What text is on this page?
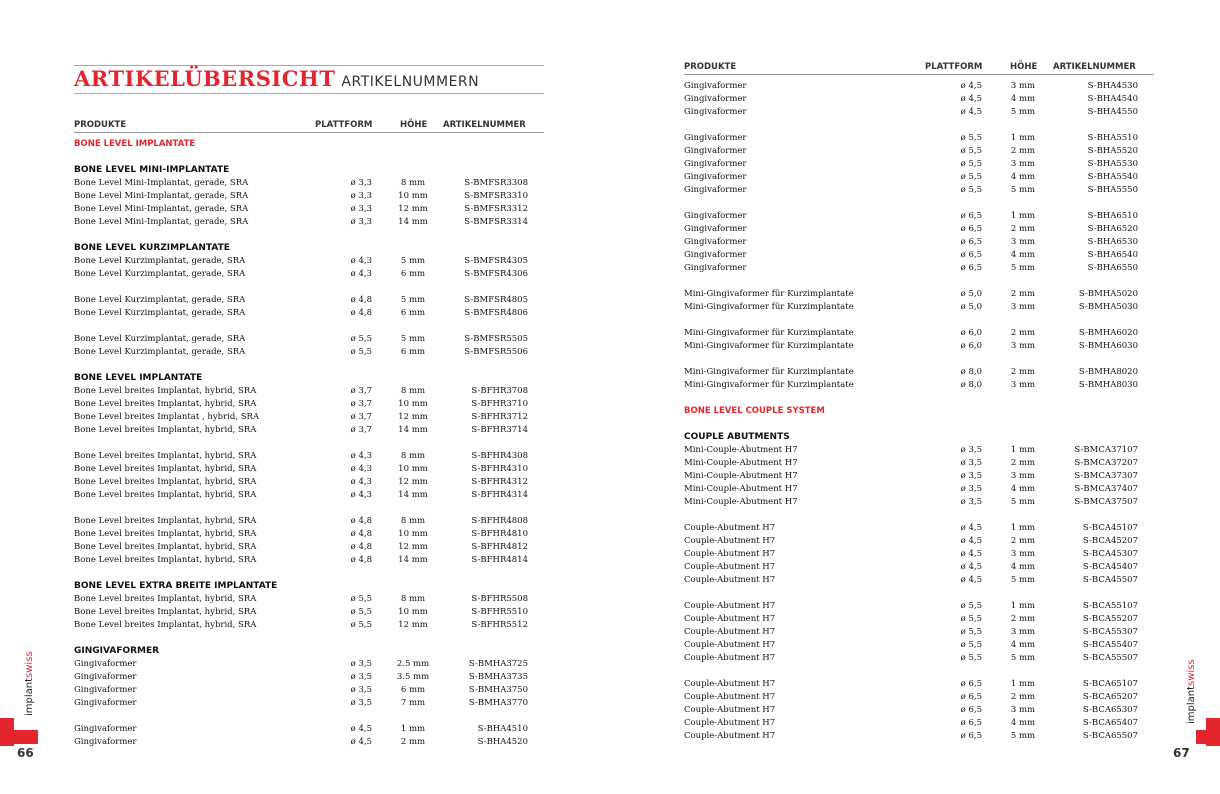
ARTIKELÜBERSICHT ARTIKELNUMMERN
PRODUKTE	PLATTFORM	HÖHE ARTIKELNUMMER
BONE LEVEL IMPLANTATE
BONE LEVEL MINI-IMPLANTATE
Bone Level Mini-Implantat, gerade, SRA	ø 3,3	8 mm	S-BMFSR3308
Bone Level Mini-Implantat, gerade, SRA	ø 3,3	10 mm	S-BMFSR3310
Bone Level Mini-Implantat, gerade, SRA	ø 3,3	12 mm	S-BMFSR3312
Bone Level Mini-Implantat, gerade, SRA	ø 3,3	14 mm	S-BMFSR3314
BONE LEVEL KURZIMPLANTATE
Bone Level Kurzimplantat, gerade, SRA	ø 4,3	5 mm	S-BMFSR4305
Bone Level Kurzimplantat, gerade, SRA	ø 4,3	6 mm	S-BMFSR4306
Bone Level Kurzimplantat, gerade, SRA	ø 4,8	5 mm	S-BMFSR4805
Bone Level Kurzimplantat, gerade, SRA	ø 4,8	6 mm	S-BMFSR4806
Bone Level Kurzimplantat, gerade, SRA	ø 5,5	5 mm	S-BMFSR5505
Bone Level Kurzimplantat, gerade, SRA	ø 5,5	6 mm	S-BMFSR5506
BONE LEVEL IMPLANTATE
Bone Level breites Implantat, hybrid, SRA	ø 3,7	8 mm	S-BFHR3708
Bone Level breites Implantat, hybrid, SRA	ø 3,7	10 mm	S-BFHR3710
Bone Level breites Implantat , hybrid, SRA	ø 3,7	12 mm	S-BFHR3712
Bone Level breites Implantat, hybrid, SRA	ø 3,7	14 mm	S-BFHR3714
Bone Level breites Implantat, hybrid, SRA	ø 4,3	8 mm	S-BFHR4308
Bone Level breites Implantat, hybrid, SRA	ø 4,3	10 mm	S-BFHR4310
Bone Level breites Implantat, hybrid, SRA	ø 4,3	12 mm	S-BFHR4312
Bone Level breites Implantat, hybrid, SRA	ø 4,3	14 mm	S-BFHR4314
Bone Level breites Implantat, hybrid, SRA	ø 4,8	8 mm	S-BFHR4808
Bone Level breites Implantat, hybrid, SRA	ø 4,8	10 mm	S-BFHR4810
Bone Level breites Implantat, hybrid, SRA	ø 4,8	12 mm	S-BFHR4812
Bone Level breites Implantat, hybrid, SRA	ø 4,8	14 mm	S-BFHR4814
BONE LEVEL EXTRA BREITE IMPLANTATE
Bone Level breites Implantat, hybrid, SRA	ø 5,5	8 mm	S-BFHR5508
Bone Level breites Implantat, hybrid, SRA	ø 5,5	10 mm	S-BFHR5510
Bone Level breites Implantat, hybrid, SRA	ø 5,5	12 mm	S-BFHR5512
GINGIVAFORMER
Gingivaformer	ø 3,5	2.5 mm	S-BMHA3725
Gingivaformer	ø 3,5	3.5 mm	S-BMHA3735
Gingivaformer	ø 3,5	6 mm	S-BMHA3750
Gingivaformer	ø 3,5	7 mm	S-BMHA3770
Gingivaformer	ø 4,5	1 mm	S-BHA4510
Gingivaformer	ø 4,5	2 mm	S-BHA4520
implantswiss
66
PRODUKTE	PLATTFORM	HÖHE ARTIKELNUMMER
Gingivaformer	ø 4,5	3 mm	S-BHA4530
Gingivaformer	ø 4,5	4 mm	S-BHA4540
Gingivaformer	ø 4,5	5 mm	S-BHA4550
Gingivaformer	ø 5,5	1 mm	S-BHA5510
Gingivaformer	ø 5,5	2 mm	S-BHA5520
Gingivaformer	ø 5,5	3 mm	S-BHA5530
Gingivaformer	ø 5,5	4 mm	S-BHA5540
Gingivaformer	ø 5,5	5 mm	S-BHA5550
Gingivaformer	ø 6,5	1 mm	S-BHA6510
Gingivaformer	ø 6,5	2 mm	S-BHA6520
Gingivaformer	ø 6,5	3 mm	S-BHA6530
Gingivaformer	ø 6,5	4 mm	S-BHA6540
Gingivaformer	ø 6,5	5 mm	S-BHA6550
Mini-Gingivaformer für Kurzimplantate	ø 5,0	2 mm	S-BMHA5020
Mini-Gingivaformer für Kurzimplantate	ø 5,0	3 mm	S-BMHA5030
Mini-Gingivaformer für Kurzimplantate	ø 6,0	2 mm	S-BMHA6020
Mini-Gingivaformer für Kurzimplantate	ø 6,0	3 mm	S-BMHA6030
Mini-Gingivaformer für Kurzimplantate	ø 8,0	2 mm	S-BMHA8020
Mini-Gingivaformer für Kurzimplantate	ø 8,0	3 mm	S-BMHA8030
BONE LEVEL COUPLE SYSTEM
COUPLE ABUTMENTS
Mini-Couple-Abutment H7	ø 3,5	1 mm	S-BMCA37107
Mini-Couple-Abutment H7	ø 3,5	2 mm	S-BMCA37207
Mini-Couple-Abutment H7	ø 3,5	3 mm	S-BMCA37307
Mini-Couple-Abutment H7	ø 3,5	4 mm	S-BMCA37407
Mini-Couple-Abutment H7	ø 3,5	5 mm	S-BMCA37507
Couple-Abutment H7	ø 4,5	1 mm	S-BCA45107
Couple-Abutment H7	ø 4,5	2 mm	S-BCA45207
Couple-Abutment H7	ø 4,5	3 mm	S-BCA45307
Couple-Abutment H7	ø 4,5	4 mm	S-BCA45407
Couple-Abutment H7	ø 4,5	5 mm	S-BCA45507
Couple-Abutment H7	ø 5,5	1 mm	S-BCA55107
Couple-Abutment H7	ø 5,5	2 mm	S-BCA55207
Couple-Abutment H7	ø 5,5	3 mm	S-BCA55307
Couple-Abutment H7	ø 5,5	4 mm	S-BCA55407
Couple-Abutment H7	ø 5,5	5 mm	S-BCA55507
Couple-Abutment H7	ø 6,5	1 mm	S-BCA65107
Couple-Abutment H7	ø 6,5	2 mm	S-BCA65207
Couple-Abutment H7	ø 6,5	3 mm	S-BCA65307
Couple-Abutment H7	ø 6,5	4 mm	S-BCA65407
Couple-Abutment H7	ø 6,5	5 mm	S-BCA65507
implantswiss
67
